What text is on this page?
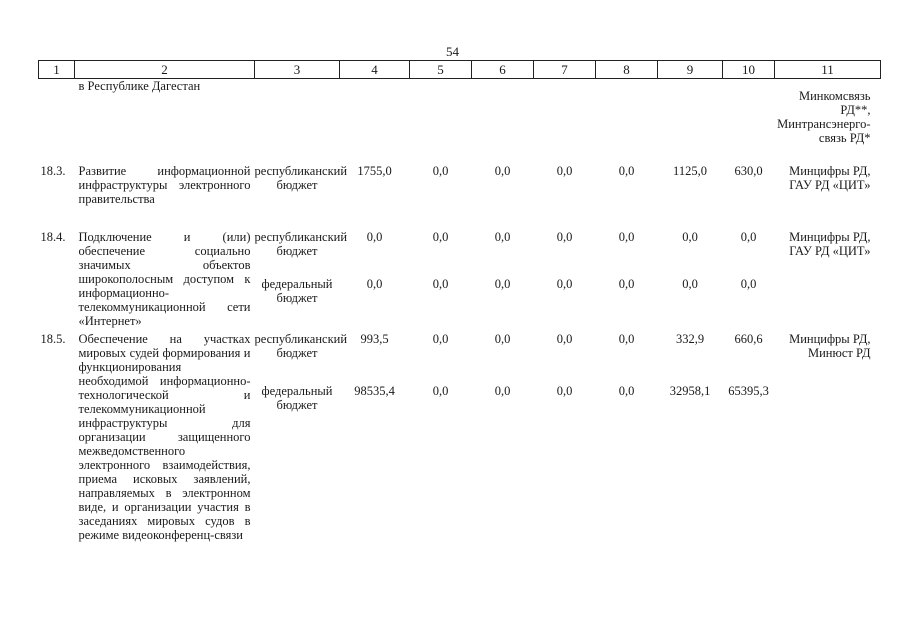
54
1	2	3	4	5	6	7	8	9	10	11
	в Республике Дагестан									Минкомсвязь РД**, Минтрансэнерго-связь РД*
18.3.	Развитие информационной инфраструктуры электронного правительства	республиканский бюджет	1755,0	0,0	0,0	0,0	0,0	1125,0	630,0	Минцифры РД, ГАУ РД «ЦИТ»

18.4.	Подключение и (или) обеспечение социально значимых объектов широкополосным доступом к информационно-телекоммуникационной сети «Интернет»	республиканский бюджет	0,0	0,0	0,0	0,0	0,0	0,0	0,0	Минцифры РД, ГАУ РД «ЦИТ»
		федеральный бюджет	0,0	0,0	0,0	0,0	0,0	0,0	0,0	

18.5.	Обеспечение на участках мировых судей формирования и функционирования необходимой информационно-технологической и телекоммуникационной инфраструктуры для организации защищенного межведомственного электронного взаимодействия, приема исковых заявлений, направляемых в электронном виде, и организации участия в заседаниях мировых судов в режиме видеоконференц-связи	республиканский бюджет	993,5	0,0	0,0	0,0	0,0	332,9	660,6	Минцифры РД, Минюст РД
		федеральный бюджет	98535,4	0,0	0,0	0,0	0,0	32958,1	65395,3	
